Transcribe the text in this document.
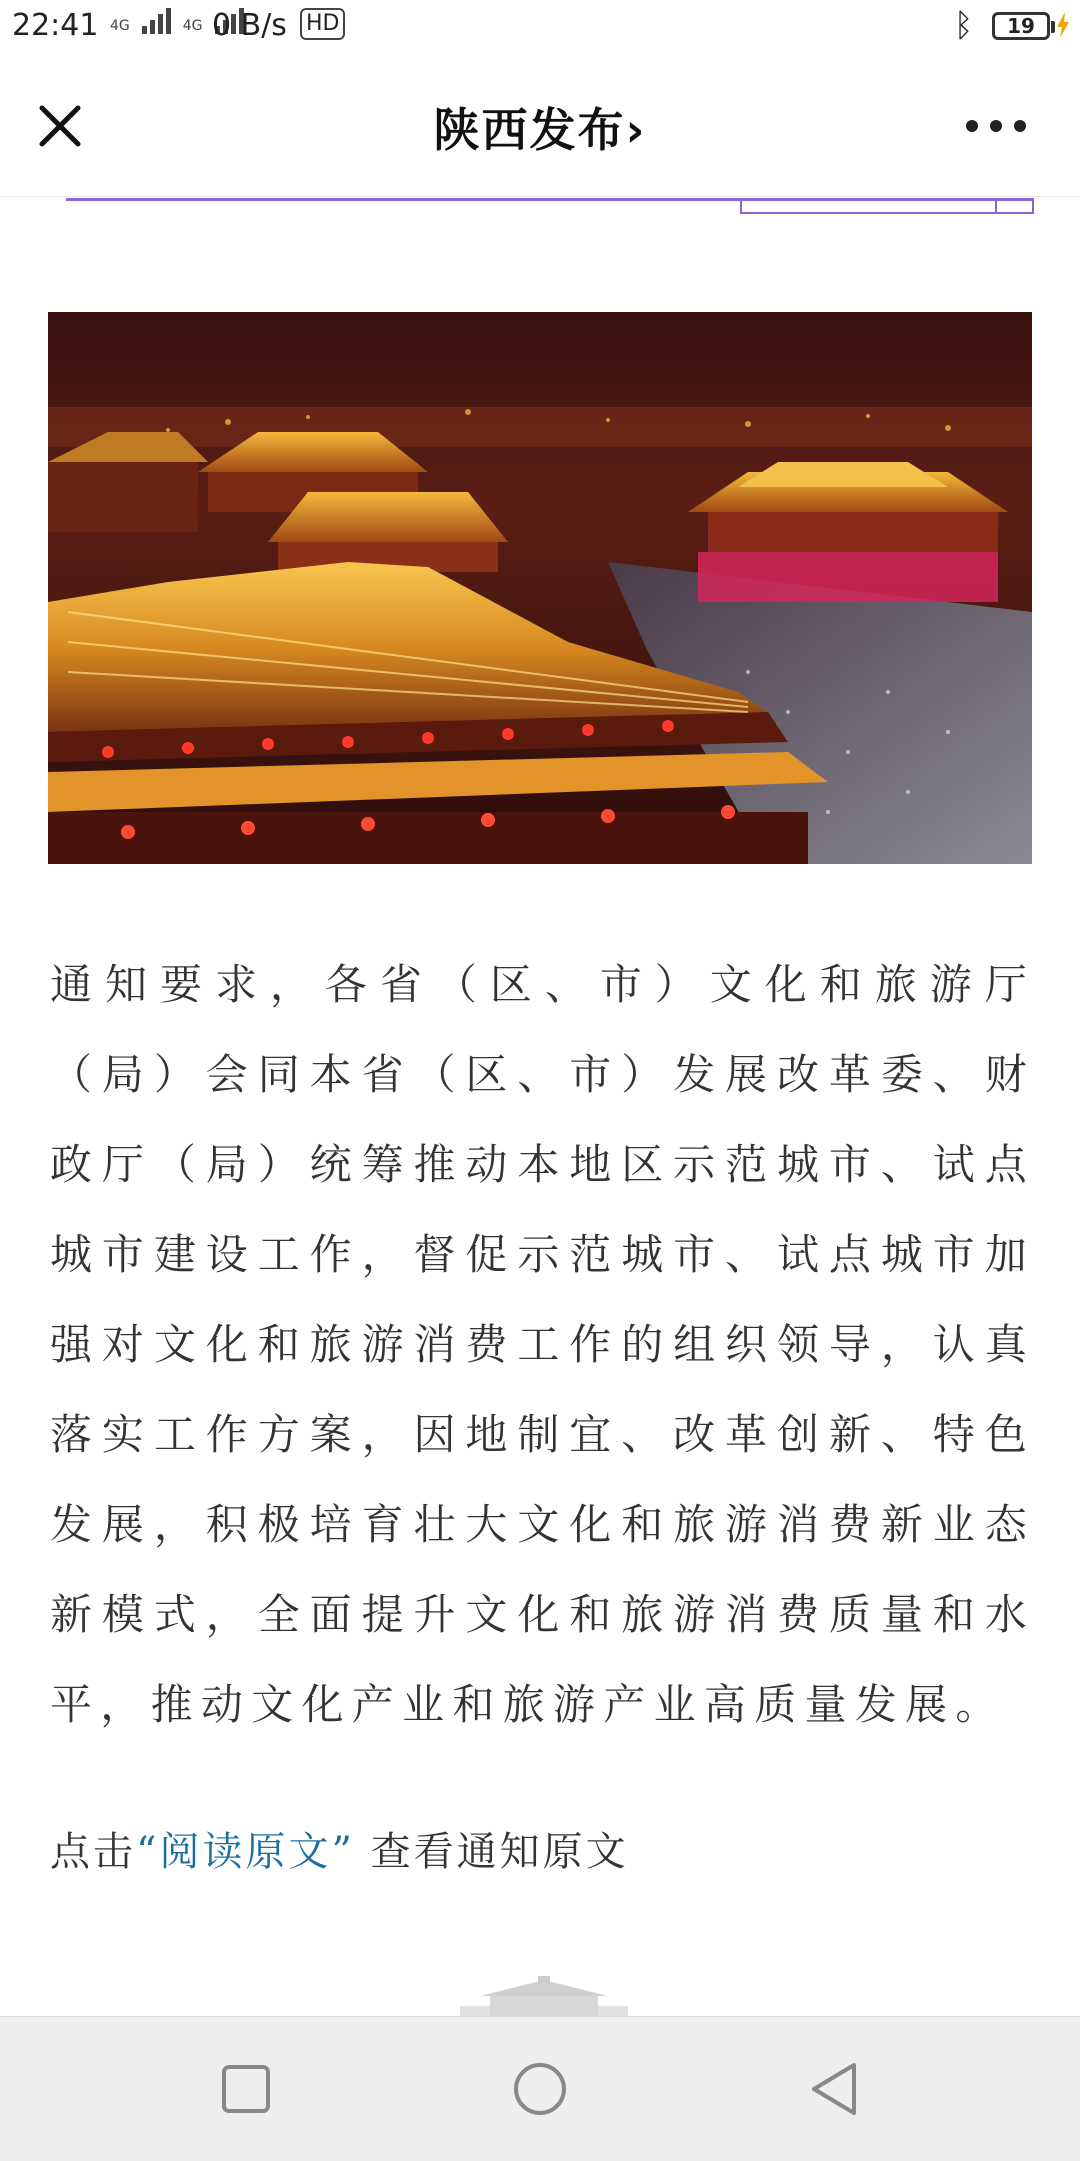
22:41 4G	4G 0 B/s HD	ᛒ	19
陕西发布›
通知要求，各省（区、市）文化和旅游厅（局）会同本省（区、市）发展改革委、财政厅（局）统筹推动本地区示范城市、试点城市建设工作，督促示范城市、试点城市加强对文化和旅游消费工作的组织领导，认真落实工作方案，因地制宜、改革创新、特色发展，积极培育壮大文化和旅游消费新业态新模式，全面提升文化和旅游消费质量和水平，推动文化产业和旅游产业高质量发展。
点击“阅读原文” 查看通知原文
